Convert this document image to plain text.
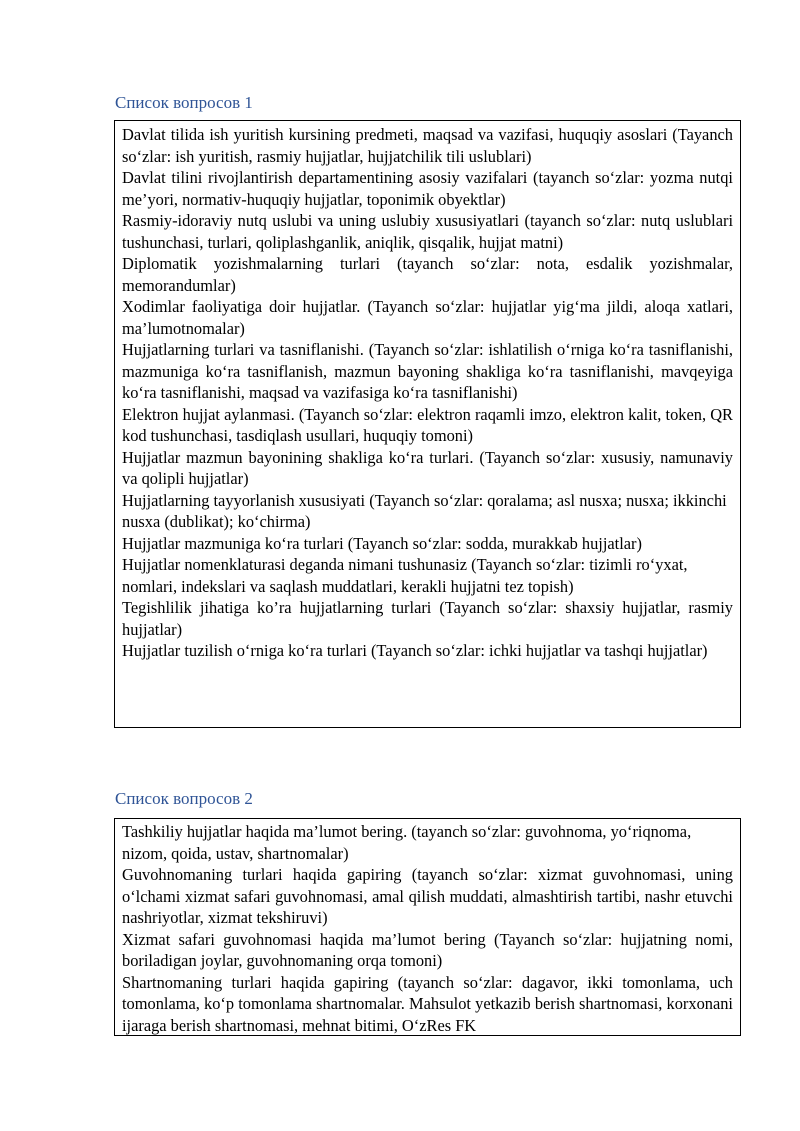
Список вопросов 1

Davlat tilida ish yuritish kursining predmeti, maqsad va vazifasi, huquqiy asoslari (Tayanch so‘zlar: ish yuritish, rasmiy hujjatlar, hujjatchilik tili uslublari)

Davlat tilini rivojlantirish departamentining asosiy vazifalari (tayanch so‘zlar: yozma nutqi me’yori, normativ-huquqiy hujjatlar, toponimik obyektlar)

Rasmiy-idoraviy nutq uslubi va uning uslubiy xususiyatlari (tayanch so‘zlar: nutq uslublari tushunchasi, turlari, qoliplashganlik, aniqlik, qisqalik, hujjat matni)

Diplomatik yozishmalarning turlari (tayanch so‘zlar: nota, esdalik yozishmalar, memorandumlar)

Xodimlar faoliyatiga doir hujjatlar. (Tayanch so‘zlar: hujjatlar yig‘ma jildi, aloqa xatlari, ma’lumotnomalar)

Hujjatlarning turlari va tasniflanishi. (Tayanch so‘zlar: ishlatilish o‘rniga ko‘ra tasniflanishi, mazmuniga ko‘ra tasniflanish, mazmun bayoning shakliga ko‘ra tasniflanishi, mavqeyiga ko‘ra tasniflanishi, maqsad va vazifasiga ko‘ra tasniflanishi)

Elektron hujjat aylanmasi. (Tayanch so‘zlar: elektron raqamli imzo, elektron kalit, token, QR kod tushunchasi, tasdiqlash usullari, huquqiy tomoni)

Hujjatlar mazmun bayonining shakliga ko‘ra turlari. (Tayanch so‘zlar: xususiy, namunaviy va qolipli hujjatlar)

Hujjatlarning tayyorlanish xususiyati (Tayanch so‘zlar: qoralama; asl nusxa; nusxa; ikkinchi nusxa (dublikat); ko‘chirma)

Hujjatlar mazmuniga ko‘ra turlari (Tayanch so‘zlar: sodda, murakkab hujjatlar)

Hujjatlar nomenklaturasi deganda nimani tushunasiz (Tayanch so‘zlar: tizimli ro‘yxat, nomlari, indekslari va saqlash muddatlari, kerakli hujjatni tez topish)

Tegishlilik jihatiga ko’ra hujjatlarning turlari (Tayanch so‘zlar: shaxsiy hujjatlar, rasmiy hujjatlar)

Hujjatlar tuzilish o‘rniga ko‘ra turlari (Tayanch so‘zlar: ichki hujjatlar va tashqi hujjatlar)

Список вопросов 2

Tashkiliy hujjatlar haqida ma’lumot bering. (tayanch so‘zlar: guvohnoma, yo‘riqnoma, nizom, qoida, ustav, shartnomalar)

Guvohnomaning turlari haqida gapiring (tayanch so‘zlar: xizmat guvohnomasi, uning o‘lchami xizmat safari guvohnomasi, amal qilish muddati, almashtirish tartibi, nashr etuvchi nashriyotlar, xizmat tekshiruvi)

Xizmat safari guvohnomasi haqida ma’lumot bering (Tayanch so‘zlar: hujjatning nomi, boriladigan joylar, guvohnomaning orqa tomoni)

Shartnomaning turlari haqida gapiring (tayanch so‘zlar: dagavor, ikki tomonlama, uch tomonlama, ko‘p tomonlama shartnomalar. Mahsulot yetkazib berish shartnomasi, korxonani ijaraga berish shartnomasi, mehnat bitimi, O‘zRes FK
